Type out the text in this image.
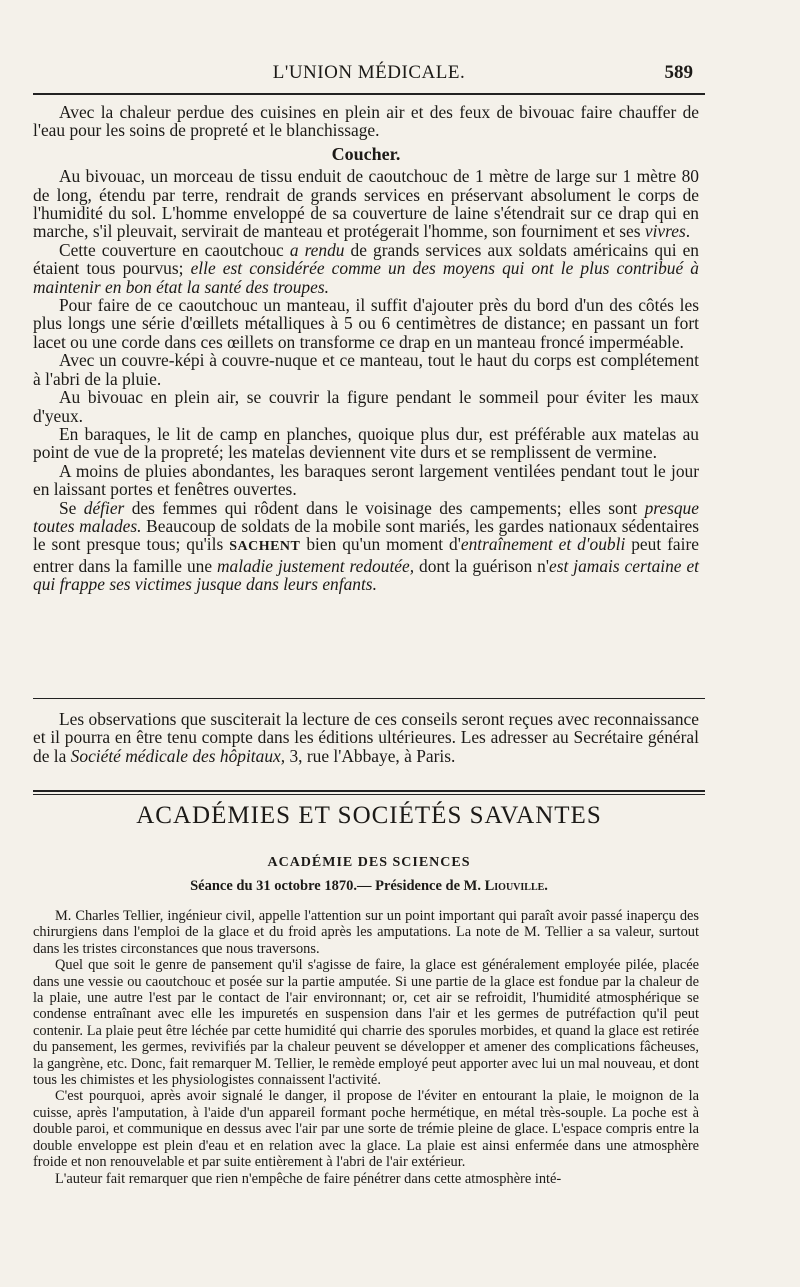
L'UNION MÉDICALE.	589

Avec la chaleur perdue des cuisines en plein air et des feux de bivouac faire chauffer de l'eau pour les soins de propreté et le blanchissage.

Coucher.

Au bivouac, un morceau de tissu enduit de caoutchouc de 1 mètre de large sur 1 mètre 80 de long, étendu par terre, rendrait de grands services en préservant absolument le corps de l'humidité du sol. L'homme enveloppé de sa couverture de laine s'étendrait sur ce drap qui en marche, s'il pleuvait, servirait de manteau et protégerait l'homme, son fourniment et ses vivres.

Cette couverture en caoutchouc a rendu de grands services aux soldats américains qui en étaient tous pourvus; elle est considérée comme un des moyens qui ont le plus contribué à maintenir en bon état la santé des troupes.

Pour faire de ce caoutchouc un manteau, il suffit d'ajouter près du bord d'un des côtés les plus longs une série d'œillets métalliques à 5 ou 6 centimètres de distance; en passant un fort lacet ou une corde dans ces œillets on transforme ce drap en un manteau froncé imperméable.

Avec un couvre-képi à couvre-nuque et ce manteau, tout le haut du corps est complétement à l'abri de la pluie.

Au bivouac en plein air, se couvrir la figure pendant le sommeil pour éviter les maux d'yeux.

En baraques, le lit de camp en planches, quoique plus dur, est préférable aux matelas au point de vue de la propreté; les matelas deviennent vite durs et se remplissent de vermine.

A moins de pluies abondantes, les baraques seront largement ventilées pendant tout le jour en laissant portes et fenêtres ouvertes.

Se défier des femmes qui rôdent dans le voisinage des campements; elles sont presque toutes malades. Beaucoup de soldats de la mobile sont mariés, les gardes nationaux sédentaires le sont presque tous; qu'ils SACHENT bien qu'un moment d'entraînement et d'oubli peut faire entrer dans la famille une maladie justement redoutée, dont la guérison n'est jamais certaine et qui frappe ses victimes jusque dans leurs enfants.

Les observations que susciterait la lecture de ces conseils seront reçues avec reconnaissance et il pourra en être tenu compte dans les éditions ultérieures. Les adresser au Secrétaire général de la Société médicale des hôpitaux, 3, rue l'Abbaye, à Paris.

ACADÉMIES ET SOCIÉTÉS SAVANTES
ACADÉMIE DES SCIENCES
Séance du 31 octobre 1870.— Présidence de M. Liouville.

M. Charles Tellier, ingénieur civil, appelle l'attention sur un point important qui paraît avoir passé inaperçu des chirurgiens dans l'emploi de la glace et du froid après les amputations. La note de M. Tellier a sa valeur, surtout dans les tristes circonstances que nous traversons.

Quel que soit le genre de pansement qu'il s'agisse de faire, la glace est généralement employée pilée, placée dans une vessie ou caoutchouc et posée sur la partie amputée. Si une partie de la glace est fondue par la chaleur de la plaie, une autre l'est par le contact de l'air environnant; or, cet air se refroidit, l'humidité atmosphérique se condense entraînant avec elle les impuretés en suspension dans l'air et les germes de putréfaction qu'il peut contenir. La plaie peut être léchée par cette humidité qui charrie des sporules morbides, et quand la glace est retirée du pansement, les germes, revivifiés par la chaleur peuvent se développer et amener des complications fâcheuses, la gangrène, etc. Donc, fait remarquer M. Tellier, le remède employé peut apporter avec lui un mal nouveau, et dont tous les chimistes et les physiologistes connaissent l'activité.

C'est pourquoi, après avoir signalé le danger, il propose de l'éviter en entourant la plaie, le moignon de la cuisse, après l'amputation, à l'aide d'un appareil formant poche hermétique, en métal très-souple. La poche est à double paroi, et communique en dessus avec l'air par une sorte de trémie pleine de glace. L'espace compris entre la double enveloppe est plein d'eau et en relation avec la glace. La plaie est ainsi enfermée dans une atmosphère froide et non renouvelable et par suite entièrement à l'abri de l'air extérieur.

L'auteur fait remarquer que rien n'empêche de faire pénétrer dans cette atmosphère inté-
